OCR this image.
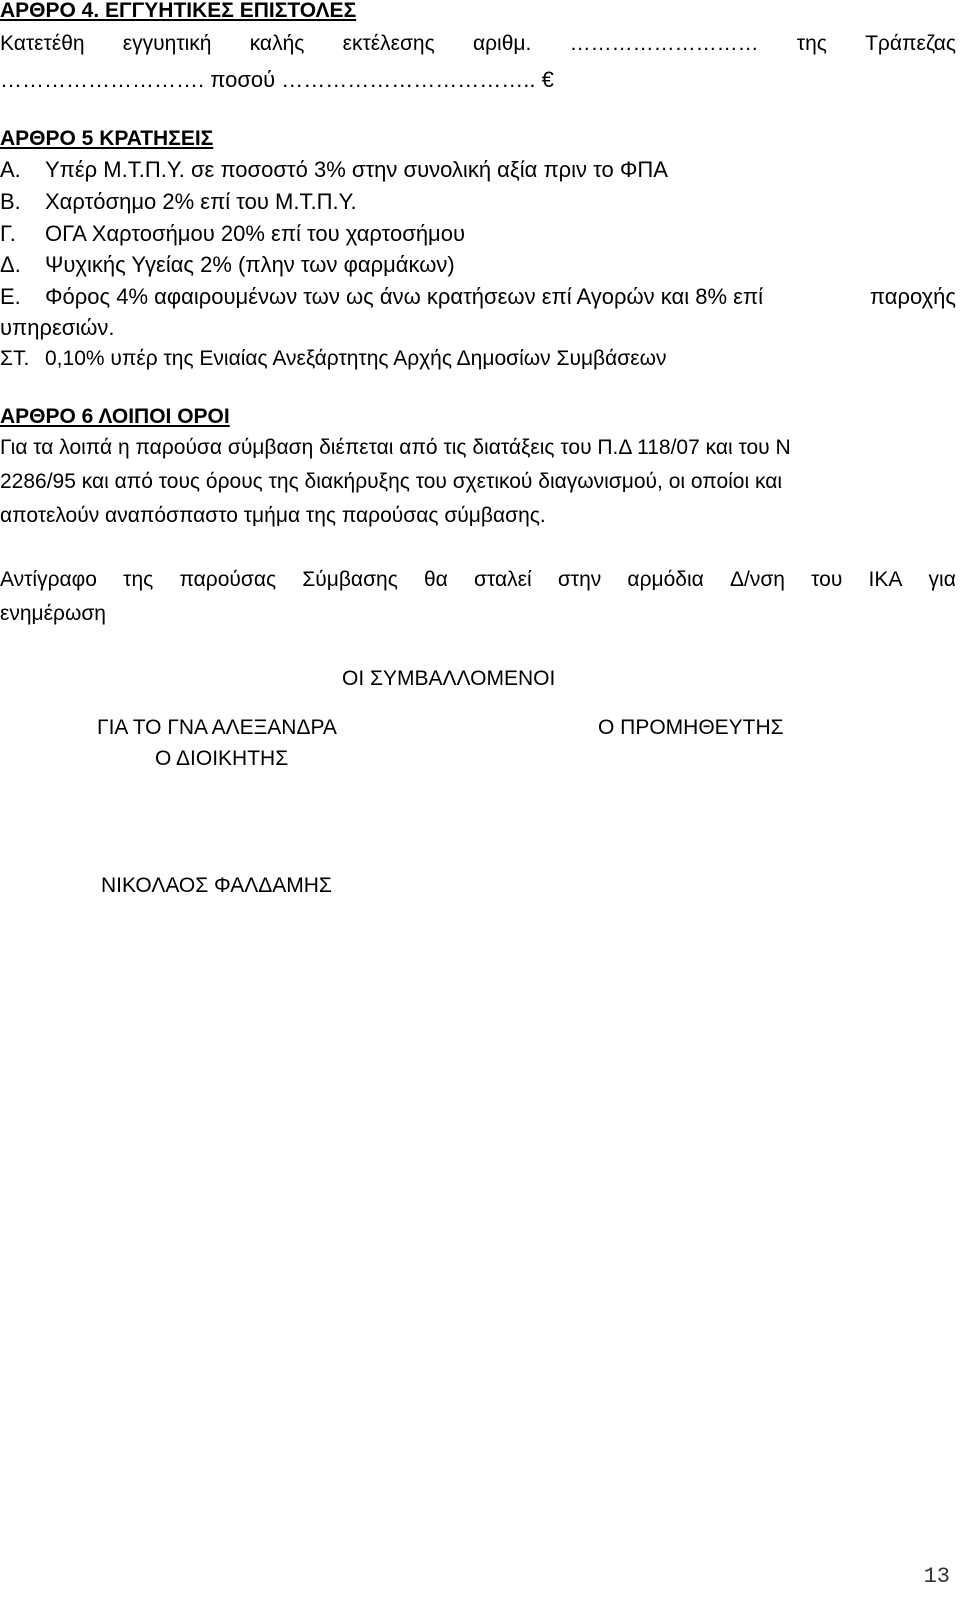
ΑΡΘΡΟ 4. ΕΓΓΥΗΤΙΚΕΣ ΕΠΙΣΤΟΛΕΣ
Κατετέθη εγγυητική καλής εκτέλεσης αριθμ. ……………………… της Τράπεζας
………………………. ποσού …………………………….. €
ΑΡΘΡΟ 5 ΚΡΑΤΗΣΕΙΣ
Α.	Υπέρ Μ.Τ.Π.Υ. σε ποσοστό 3% στην συνολική αξία πριν το ΦΠΑ
Β.	Χαρτόσημο 2% επί του Μ.Τ.Π.Υ.
Γ.	ΟΓΑ Χαρτοσήμου 20% επί του χαρτοσήμου
Δ.	Ψυχικής Υγείας 2% (πλην των φαρμάκων)
Ε.	Φόρος 4% αφαιρουμένων των ως άνω κρατήσεων επί Αγορών και 8% επί	παροχής
υπηρεσιών.
ΣΤ. 0,10% υπέρ της Ενιαίας Ανεξάρτητης Αρχής Δημοσίων Συμβάσεων
ΑΡΘΡΟ 6 ΛΟΙΠΟΙ ΟΡΟΙ
Για τα λοιπά η παρούσα σύμβαση διέπεται από τις διατάξεις του Π.Δ 118/07 και του Ν
2286/95 και από τους όρους της διακήρυξης του σχετικού διαγωνισμού, οι οποίοι και
αποτελούν αναπόσπαστο τμήμα της παρούσας σύμβασης.
Αντίγραφο της παρούσας Σύμβασης θα σταλεί στην αρμόδια Δ/νση του ΙΚΑ για
ενημέρωση
ΟΙ ΣΥΜΒΑΛΛΟΜΕΝΟΙ
ΓΙΑ ΤΟ ΓΝΑ ΑΛΕΞΑΝΔΡΑ	Ο ΠΡΟΜΗΘΕΥΤΗΣ
Ο ΔΙΟΙΚΗΤΗΣ
ΝΙΚΟΛΑΟΣ ΦΑΛΔΑΜΗΣ
13
